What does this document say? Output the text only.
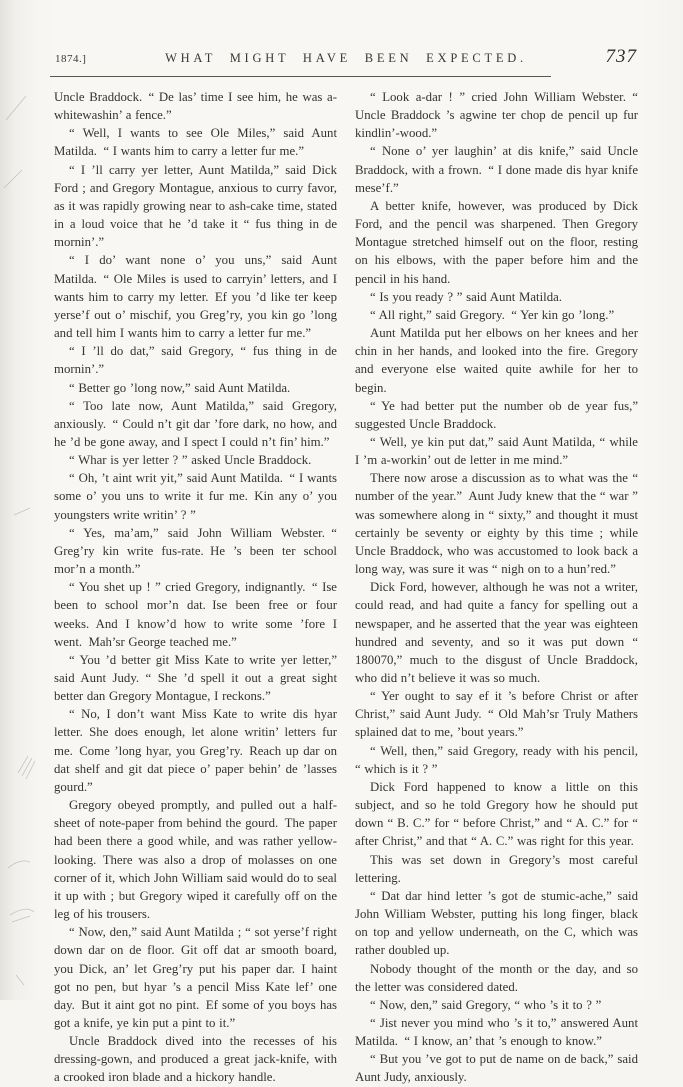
1874.]	WHAT MIGHT HAVE BEEN EXPECTED.	737

Uncle Braddock. “ De las’ time I see him, he was a-whitewashin’ a fence.”

“ Well, I wants to see Ole Miles,” said Aunt Matilda. “ I wants him to carry a letter fur me.”

“ I ’ll carry yer letter, Aunt Matilda,” said Dick Ford ; and Gregory Montague, anxious to curry favor, as it was rapidly growing near to ash-cake time, stated in a loud voice that he ’d take it “ fus thing in de mornin’.”

“ I do’ want none o’ you uns,” said Aunt Matilda. “ Ole Miles is used to carryin’ letters, and I wants him to carry my letter. Ef you ’d like ter keep yerse’f out o’ mischif, you Greg’ry, you kin go ’long and tell him I wants him to carry a letter fur me.”

“ I ’ll do dat,” said Gregory, “ fus thing in de mornin’.”

“ Better go ’long now,” said Aunt Matilda.

“ Too late now, Aunt Matilda,” said Gregory, anxiously. “ Could n’t git dar ’fore dark, no how, and he ’d be gone away, and I spect I could n’t fin’ him.”

“ Whar is yer letter ? ” asked Uncle Braddock.

“ Oh, ’t aint writ yit,” said Aunt Matilda. “ I wants some o’ you uns to write it fur me. Kin any o’ you youngsters write writin’ ? ”

“ Yes, ma’am,” said John William Webster. “ Greg’ry kin write fus-rate. He ’s been ter school mor’n a month.”

“ You shet up ! ” cried Gregory, indignantly. “ Ise been to school mor’n dat. Ise been free or four weeks. And I know’d how to write some ’fore I went. Mah’sr George teached me.”

“ You ’d better git Miss Kate to write yer letter,” said Aunt Judy. “ She ’d spell it out a great sight better dan Gregory Montague, I reckons.”

“ No, I don’t want Miss Kate to write dis hyar letter. She does enough, let alone writin’ letters fur me. Come ’long hyar, you Greg’ry. Reach up dar on dat shelf and git dat piece o’ paper behin’ de ’lasses gourd.”

Gregory obeyed promptly, and pulled out a half-sheet of note-paper from behind the gourd. The paper had been there a good while, and was rather yellow-looking. There was also a drop of molasses on one corner of it, which John William said would do to seal it up with ; but Gregory wiped it carefully off on the leg of his trousers.

“ Now, den,” said Aunt Matilda ; “ sot yerse’f right down dar on de floor. Git off dat ar smooth board, you Dick, an’ let Greg’ry put his paper dar. I haint got no pen, but hyar ’s a pencil Miss Kate lef’ one day. But it aint got no pint. Ef some of you boys has got a knife, ye kin put a pint to it.”

Uncle Braddock dived into the recesses of his dressing-gown, and produced a great jack-knife, with a crooked iron blade and a hickory handle.

“ Look a-dar ! ” cried John William Webster. “ Uncle Braddock ’s agwine ter chop de pencil up fur kindlin’-wood.”

“ None o’ yer laughin’ at dis knife,” said Uncle Braddock, with a frown. “ I done made dis hyar knife mese’f.”

A better knife, however, was produced by Dick Ford, and the pencil was sharpened. Then Gregory Montague stretched himself out on the floor, resting on his elbows, with the paper before him and the pencil in his hand.

“ Is you ready ? ” said Aunt Matilda.

“ All right,” said Gregory. “ Yer kin go ’long.”

Aunt Matilda put her elbows on her knees and her chin in her hands, and looked into the fire. Gregory and everyone else waited quite awhile for her to begin.

“ Ye had better put the number ob de year fus,” suggested Uncle Braddock.

“ Well, ye kin put dat,” said Aunt Matilda, “ while I ’m a-workin’ out de letter in me mind.”

There now arose a discussion as to what was the “ number of the year.” Aunt Judy knew that the “ war ” was somewhere along in “ sixty,” and thought it must certainly be seventy or eighty by this time ; while Uncle Braddock, who was accustomed to look back a long way, was sure it was “ nigh on to a hun’red.”

Dick Ford, however, although he was not a writer, could read, and had quite a fancy for spelling out a newspaper, and he asserted that the year was eighteen hundred and seventy, and so it was put down “ 180070,” much to the disgust of Uncle Braddock, who did n’t believe it was so much.

“ Yer ought to say ef it ’s before Christ or after Christ,” said Aunt Judy. “ Old Mah’sr Truly Mathers splained dat to me, ’bout years.”

“ Well, then,” said Gregory, ready with his pencil, “ which is it ? ”

Dick Ford happened to know a little on this subject, and so he told Gregory how he should put down “ B. C.” for “ before Christ,” and “ A. C.” for “ after Christ,” and that “ A. C.” was right for this year.

This was set down in Gregory’s most careful lettering.

“ Dat dar hind letter ’s got de stumic-ache,” said John William Webster, putting his long finger, black on top and yellow underneath, on the C, which was rather doubled up.

Nobody thought of the month or the day, and so the letter was considered dated.

“ Now, den,” said Gregory, “ who ’s it to ? ”

“ Jist never you mind who ’s it to,” answered Aunt Matilda. “ I know, an’ that ’s enough to know.”

“ But you ’ve got to put de name on de back,” said Aunt Judy, anxiously.
